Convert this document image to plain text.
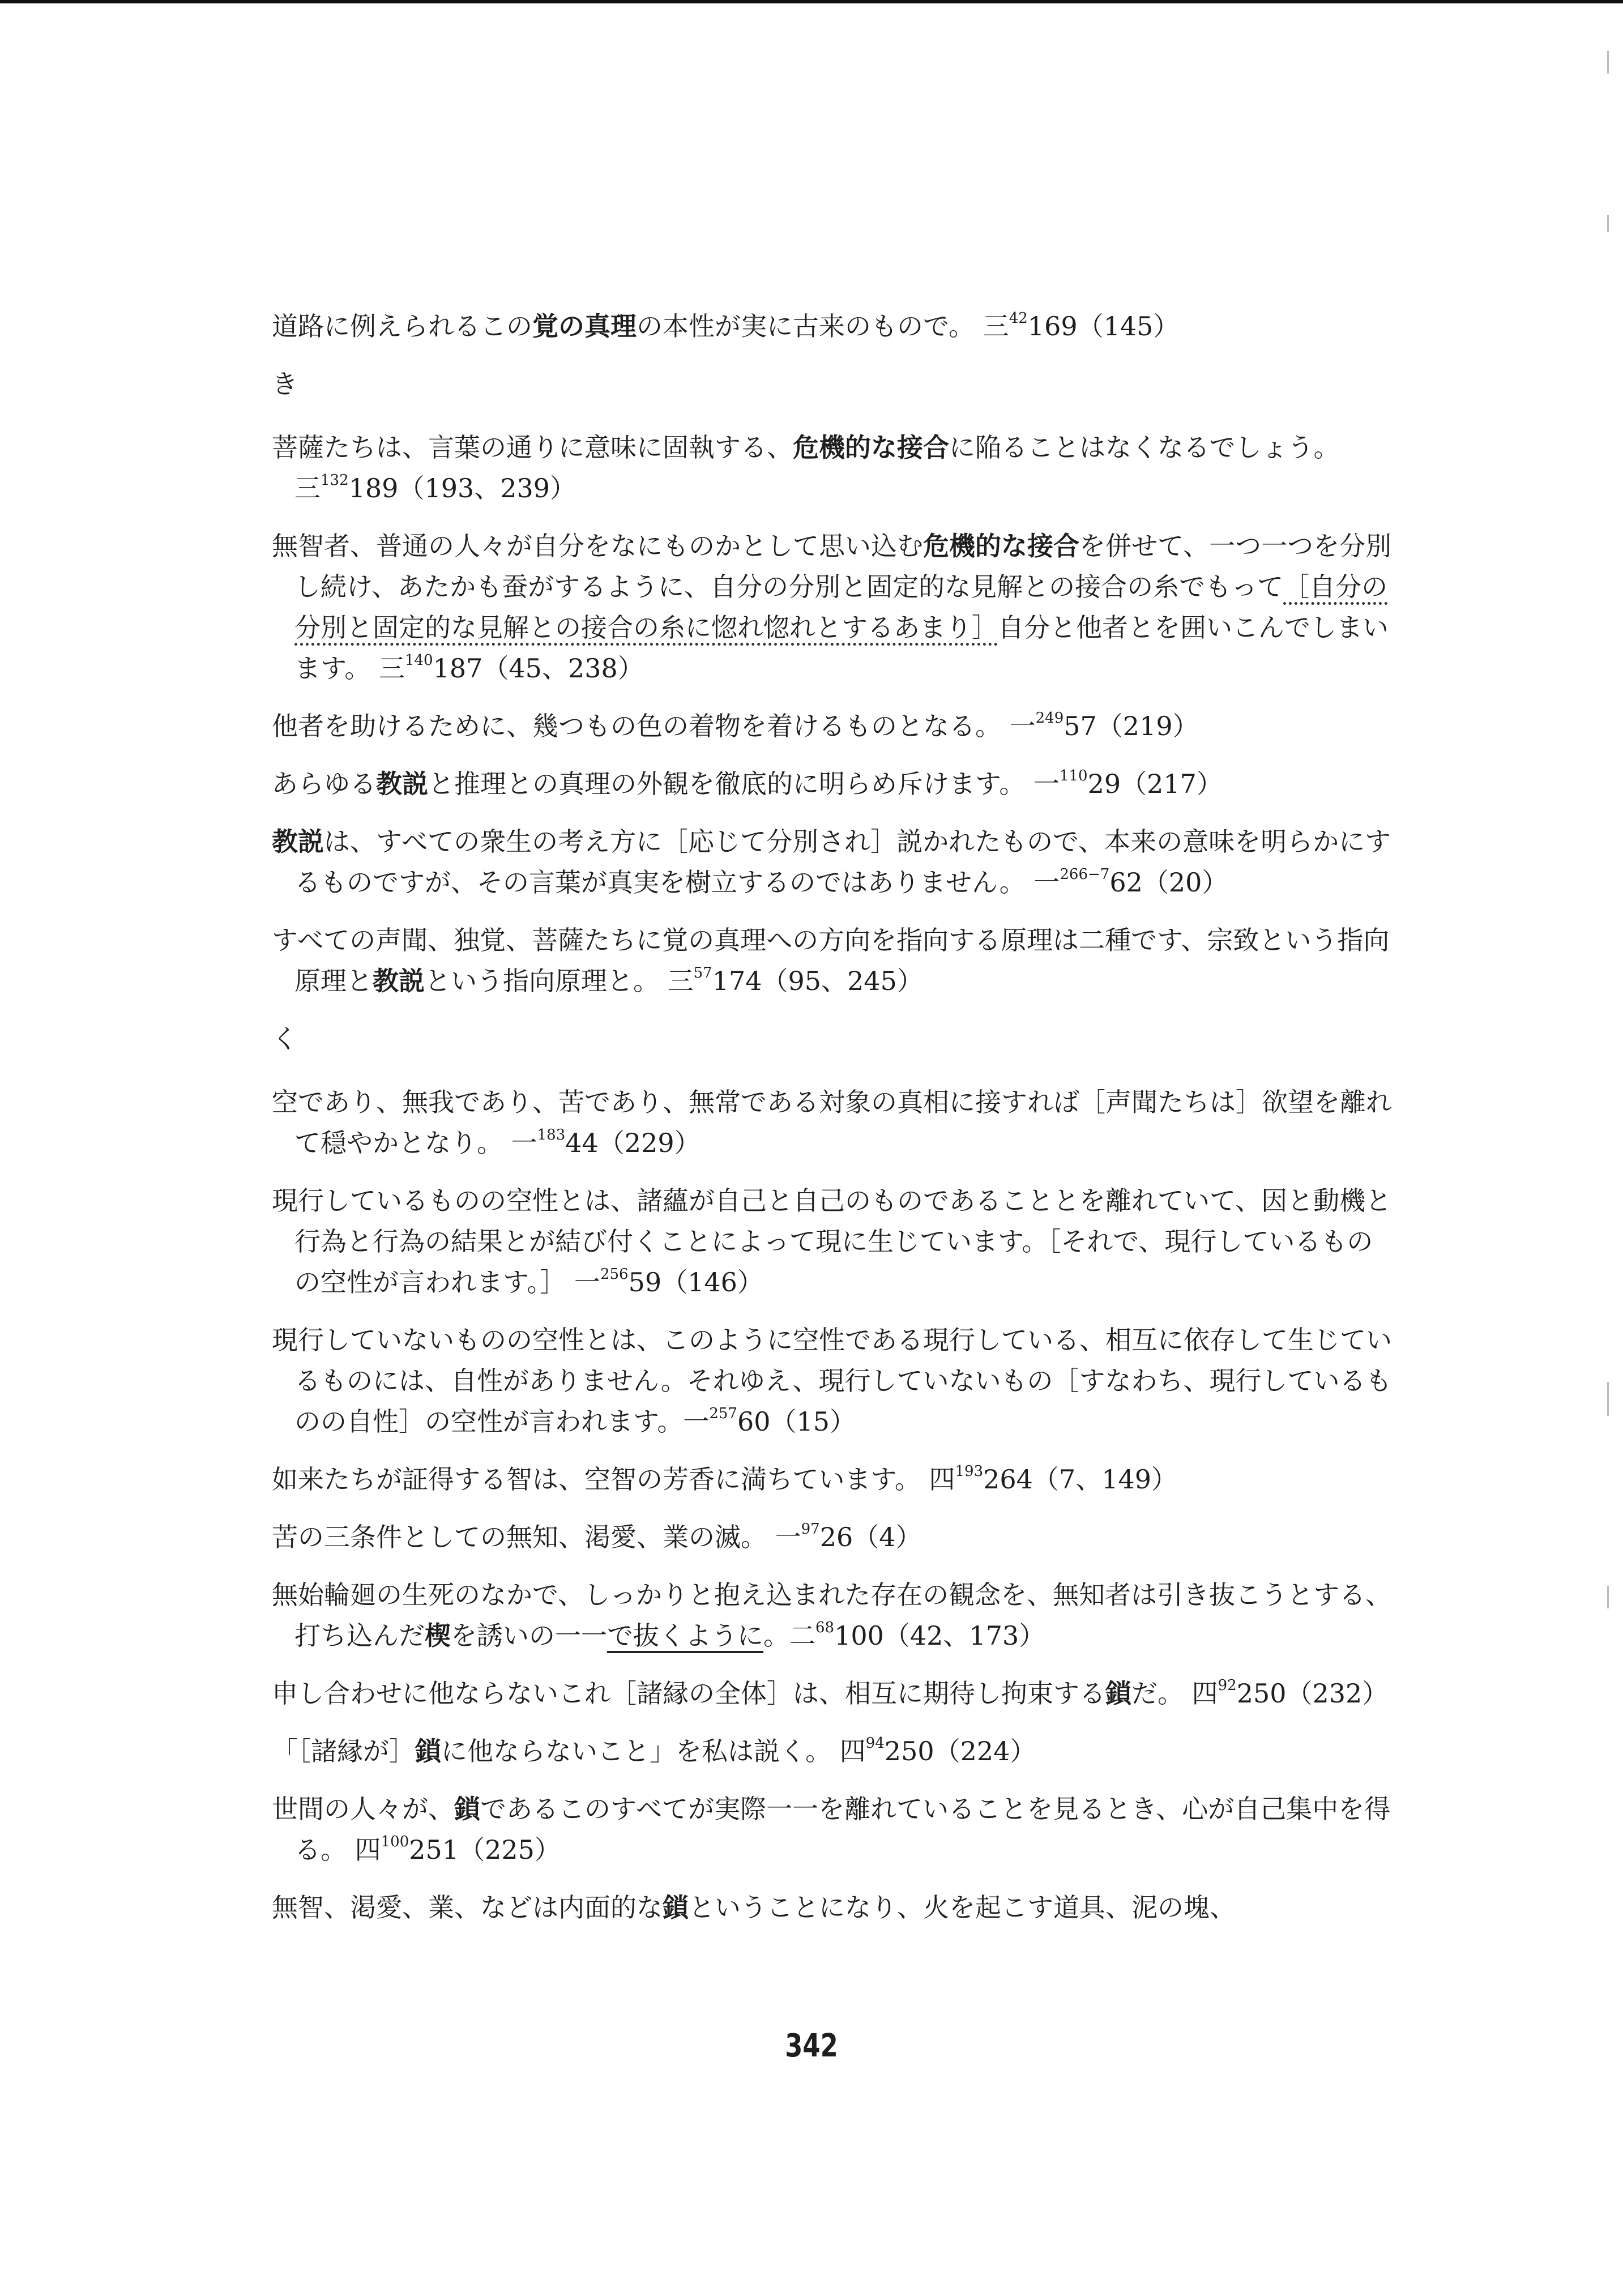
道路に例えられるこの覚の真理の本性が実に古来のもので。 三$^{42}$169（145）
き
菩薩たちは、言葉の通りに意味に固執する、危機的な接合に陥ることはなくなるでしょう。 三$^{132}$189（193、239）
無智者、普通の人々が自分をなにものかとして思い込む危機的な接合を併せて、一つ一つを分別し続け、あたかも蚕がするように、自分の分別と固定的な見解との接合の糸でもって［自分の分別と固定的な見解との接合の糸に惚れ惚れとするあまり］自分と他者とを囲いこんでしまいます。 三$^{140}$187（45、238）
他者を助けるために、幾つもの色の着物を着けるものとなる。 一$^{249}$57（219）
あらゆる教説と推理との真理の外観を徹底的に明らめ斥けます。 一$^{110}$29（217）
教説は、すべての衆生の考え方に［応じて分別され］説かれたもので、本来の意味を明らかにするものですが、その言葉が真実を樹立するのではありません。 一$^{266-7}$62（20）
すべての声聞、独覚、菩薩たちに覚の真理への方向を指向する原理は二種です、宗致という指向原理と教説という指向原理と。 三$^{57}$174（95、245）
く
空であり、無我であり、苦であり、無常である対象の真相に接すれば［声聞たちは］欲望を離れて穏やかとなり。 一$^{183}$44（229）
現行しているものの空性とは、諸蘊が自己と自己のものであることとを離れていて、因と動機と行為と行為の結果とが結び付くことによって現に生じています。［それで、現行しているものの空性が言われます。］ 一$^{256}$59（146）
現行していないものの空性とは、このように空性である現行している、相互に依存して生じているものには、自性がありません。それゆえ、現行していないもの［すなわち、現行しているものの自性］の空性が言われます。一$^{257}$60（15）
如来たちが証得する智は、空智の芳香に満ちています。 四$^{193}$264（7、149）
苦の三条件としての無知、渇愛、業の滅。 一$^{97}$26（4）
無始輪廻の生死のなかで、しっかりと抱え込まれた存在の観念を、無知者は引き抜こうとする、打ち込んだ楔を誘いの一一で抜くように。二$^{68}$100（42、173）
申し合わせに他ならないこれ［諸縁の全体］は、相互に期待し拘束する鎖だ。 四$^{92}$250（232）
「［諸縁が］鎖に他ならないこと」を私は説く。 四$^{94}$250（224）
世間の人々が、鎖であるこのすべてが実際一一を離れていることを見るとき、心が自己集中を得る。 四$^{100}$251（225）
無智、渇愛、業、などは内面的な鎖ということになり、火を起こす道具、泥の塊、
342
